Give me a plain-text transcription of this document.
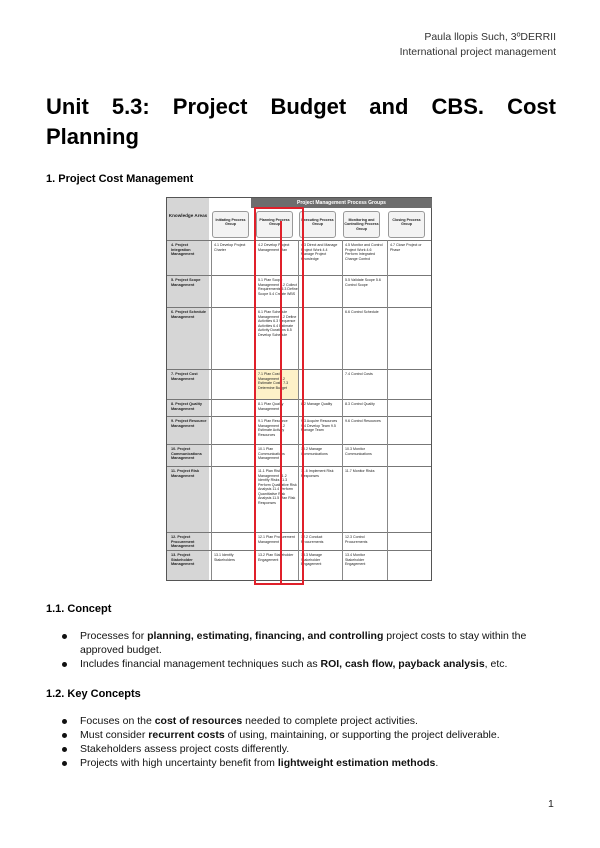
Paula llopis Such, 3ºDERRII
International project management
Unit 5.3: Project Budget and CBS. Cost
Planning
1. Project Cost Management
Knowledge Areas
Project Management Process Groups
Initiating Process Group
Planning Process Group
Executing Process Group
Monitoring and Controlling Process Group
Closing Process Group
4. Project Integration Management
4.1 Develop Project Charter
4.2 Develop Project Management Plan
4.3 Direct and Manage Project Work 4.4 Manage Project Knowledge
4.5 Monitor and Control Project Work 4.6 Perform Integrated Change Control
4.7 Close Project or Phase
5. Project Scope Management
5.1 Plan Scope Management 5.2 Collect Requirements 5.3 Define Scope 5.4 Create WBS
5.5 Validate Scope 5.6 Control Scope
6. Project Schedule Management
6.1 Plan Schedule Management 6.2 Define Activities 6.3 Sequence Activities 6.4 Estimate Activity Durations 6.5 Develop Schedule
6.6 Control Schedule
7. Project Cost Management
7.1 Plan Cost Management 7.2 Estimate Costs 7.3 Determine Budget
7.4 Control Costs
8. Project Quality Management
8.1 Plan Quality Management
8.2 Manage Quality	8.3 Control Quality
9. Project Resource Management
9.1 Plan Resource Management 9.2 Estimate Activity Resources
9.3 Acquire Resources 9.4 Develop Team 9.5 Manage Team
9.6 Control Resources
10. Project Communications Management
10.1 Plan Communications Management
10.2 Manage Communications
10.3 Monitor Communications
11. Project Risk Management
11.1 Plan Risk Management 11.2 Identify Risks 11.3 Perform Qualitative Risk Analysis 11.4 Perform Quantitative Risk Analysis 11.5 Plan Risk Responses
11.6 Implement Risk Responses
11.7 Monitor Risks
12. Project Procurement Management
12.1 Plan Procurement Management
12.2 Conduct Procurements
12.3 Control Procurements
13. Project Stakeholder Management
13.1 Identify Stakeholders
13.2 Plan Stakeholder Engagement
13.3 Manage Stakeholder Engagement
13.4 Monitor Stakeholder Engagement
1.1. Concept
Processes for planning, estimating, financing, and controlling project costs to stay within the approved budget.
Includes financial management techniques such as ROI, cash flow, payback analysis, etc.
1.2. Key Concepts
Focuses on the cost of resources needed to complete project activities.
Must consider recurrent costs of using, maintaining, or supporting the project deliverable.
Stakeholders assess project costs differently.
Projects with high uncertainty benefit from lightweight estimation methods.
1
